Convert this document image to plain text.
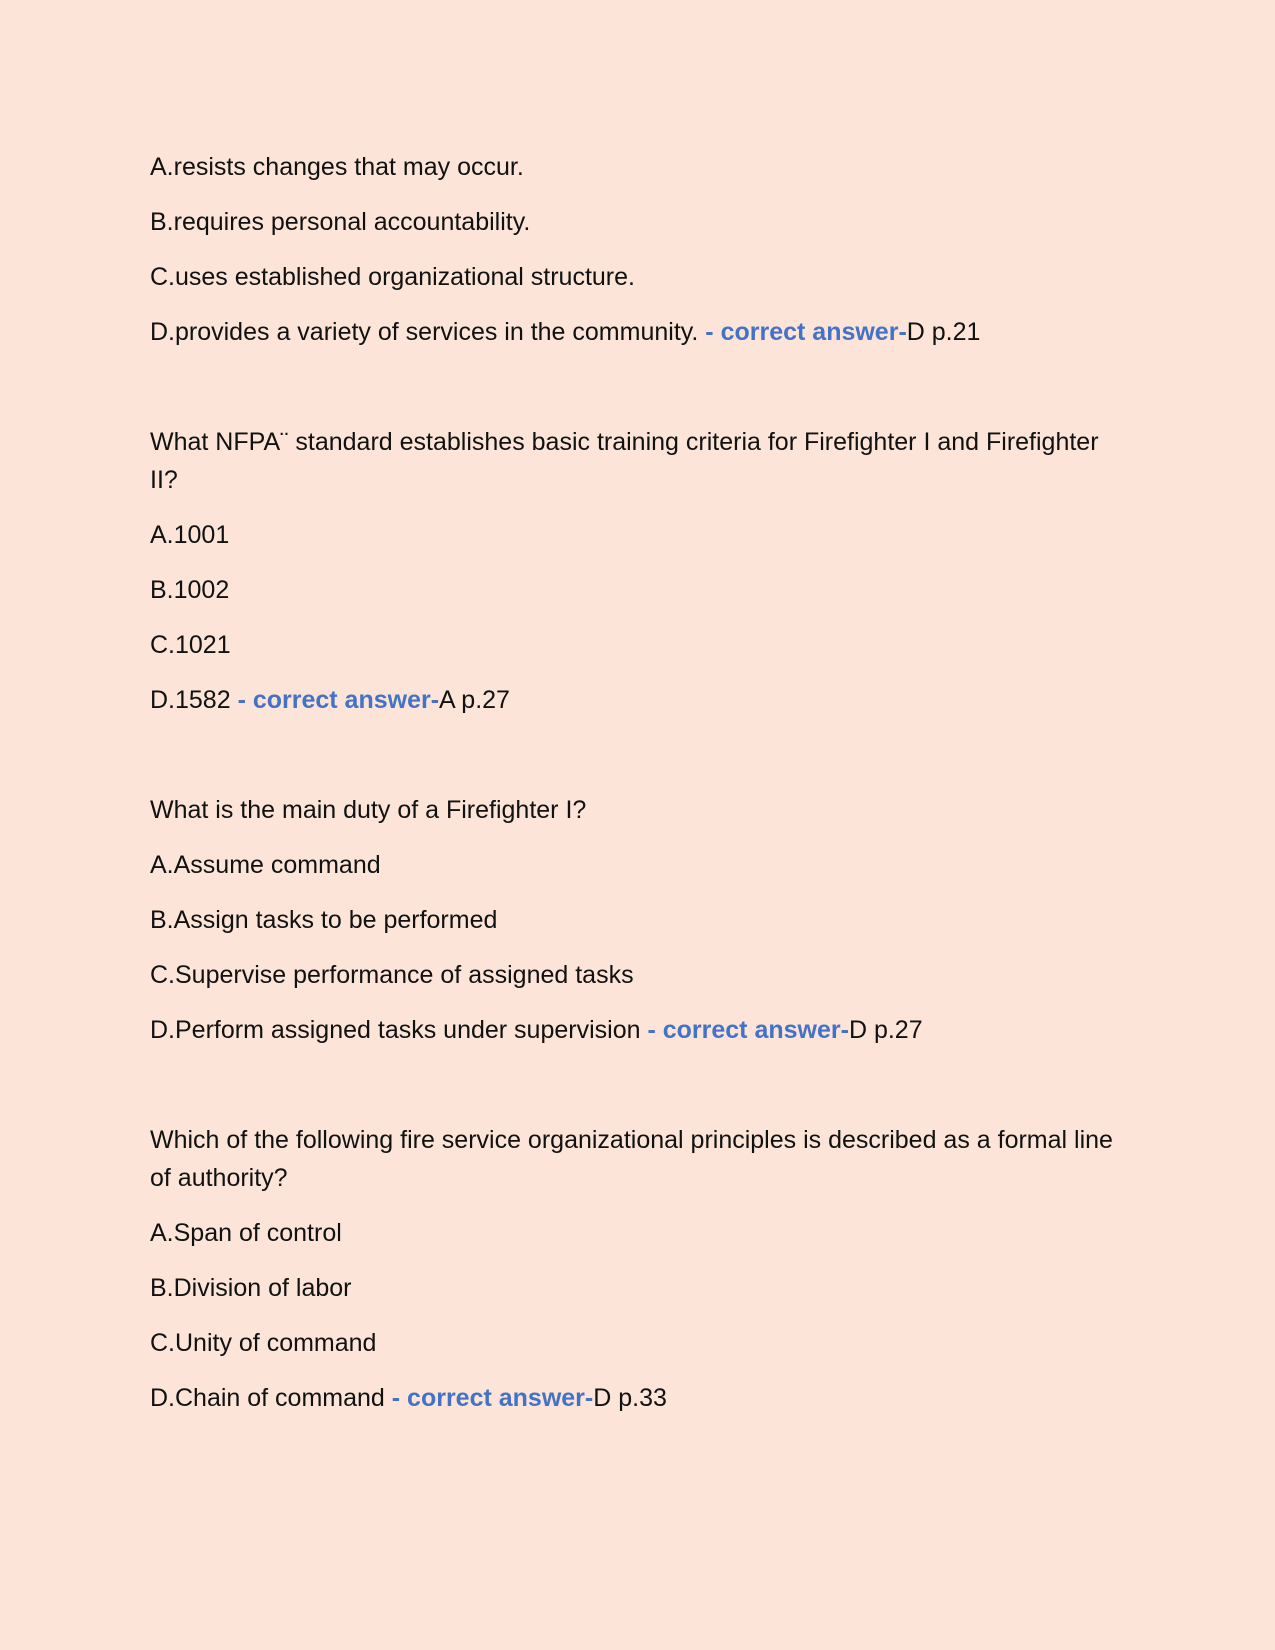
A.resists changes that may occur.
B.requires personal accountability.
C.uses established organizational structure.
D.provides a variety of services in the community. - correct answer-D p.21
What NFPA¨ standard establishes basic training criteria for Firefighter I and Firefighter II?
A.1001
B.1002
C.1021
D.1582 - correct answer-A p.27
What is the main duty of a Firefighter I?
A.Assume command
B.Assign tasks to be performed
C.Supervise performance of assigned tasks
D.Perform assigned tasks under supervision - correct answer-D p.27
Which of the following fire service organizational principles is described as a formal line of authority?
A.Span of control
B.Division of labor
C.Unity of command
D.Chain of command - correct answer-D p.33
